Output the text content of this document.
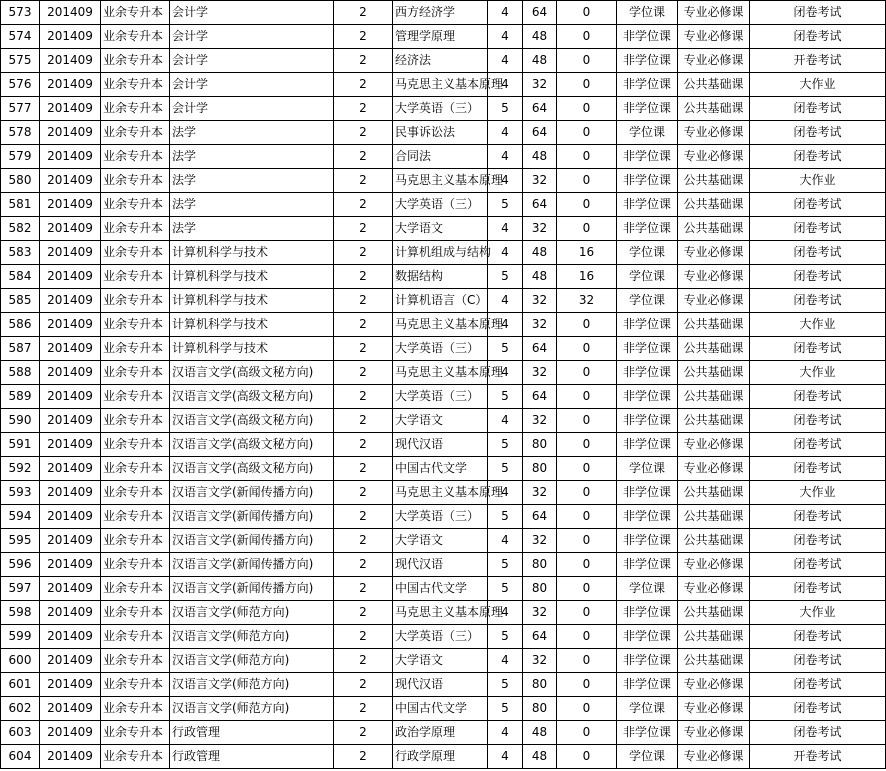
573	201409	业余专升本	会计学	2	西方经济学	4	64	0	学位课	专业必修课	闭卷考试
574	201409	业余专升本	会计学	2	管理学原理	4	48	0	非学位课	专业必修课	闭卷考试
575	201409	业余专升本	会计学	2	经济法	4	48	0	非学位课	专业必修课	开卷考试
576	201409	业余专升本	会计学	2	马克思主义基本原理	4	32	0	非学位课	公共基础课	大作业
577	201409	业余专升本	会计学	2	大学英语（三）	5	64	0	非学位课	公共基础课	闭卷考试
578	201409	业余专升本	法学	2	民事诉讼法	4	64	0	学位课	专业必修课	闭卷考试
579	201409	业余专升本	法学	2	合同法	4	48	0	非学位课	专业必修课	闭卷考试
580	201409	业余专升本	法学	2	马克思主义基本原理	4	32	0	非学位课	公共基础课	大作业
581	201409	业余专升本	法学	2	大学英语（三）	5	64	0	非学位课	公共基础课	闭卷考试
582	201409	业余专升本	法学	2	大学语文	4	32	0	非学位课	公共基础课	闭卷考试
583	201409	业余专升本	计算机科学与技术	2	计算机组成与结构	4	48	16	学位课	专业必修课	闭卷考试
584	201409	业余专升本	计算机科学与技术	2	数据结构	5	48	16	学位课	专业必修课	闭卷考试
585	201409	业余专升本	计算机科学与技术	2	计算机语言（C）	4	32	32	学位课	专业必修课	闭卷考试
586	201409	业余专升本	计算机科学与技术	2	马克思主义基本原理	4	32	0	非学位课	公共基础课	大作业
587	201409	业余专升本	计算机科学与技术	2	大学英语（三）	5	64	0	非学位课	公共基础课	闭卷考试
588	201409	业余专升本	汉语言文学(高级文秘方向)	2	马克思主义基本原理	4	32	0	非学位课	公共基础课	大作业
589	201409	业余专升本	汉语言文学(高级文秘方向)	2	大学英语（三）	5	64	0	非学位课	公共基础课	闭卷考试
590	201409	业余专升本	汉语言文学(高级文秘方向)	2	大学语文	4	32	0	非学位课	公共基础课	闭卷考试
591	201409	业余专升本	汉语言文学(高级文秘方向)	2	现代汉语	5	80	0	非学位课	专业必修课	闭卷考试
592	201409	业余专升本	汉语言文学(高级文秘方向)	2	中国古代文学	5	80	0	学位课	专业必修课	闭卷考试
593	201409	业余专升本	汉语言文学(新闻传播方向)	2	马克思主义基本原理	4	32	0	非学位课	公共基础课	大作业
594	201409	业余专升本	汉语言文学(新闻传播方向)	2	大学英语（三）	5	64	0	非学位课	公共基础课	闭卷考试
595	201409	业余专升本	汉语言文学(新闻传播方向)	2	大学语文	4	32	0	非学位课	公共基础课	闭卷考试
596	201409	业余专升本	汉语言文学(新闻传播方向)	2	现代汉语	5	80	0	非学位课	专业必修课	闭卷考试
597	201409	业余专升本	汉语言文学(新闻传播方向)	2	中国古代文学	5	80	0	学位课	专业必修课	闭卷考试
598	201409	业余专升本	汉语言文学(师范方向)	2	马克思主义基本原理	4	32	0	非学位课	公共基础课	大作业
599	201409	业余专升本	汉语言文学(师范方向)	2	大学英语（三）	5	64	0	非学位课	公共基础课	闭卷考试
600	201409	业余专升本	汉语言文学(师范方向)	2	大学语文	4	32	0	非学位课	公共基础课	闭卷考试
601	201409	业余专升本	汉语言文学(师范方向)	2	现代汉语	5	80	0	非学位课	专业必修课	闭卷考试
602	201409	业余专升本	汉语言文学(师范方向)	2	中国古代文学	5	80	0	学位课	专业必修课	闭卷考试
603	201409	业余专升本	行政管理	2	政治学原理	4	48	0	非学位课	专业必修课	闭卷考试
604	201409	业余专升本	行政管理	2	行政学原理	4	48	0	学位课	专业必修课	开卷考试
